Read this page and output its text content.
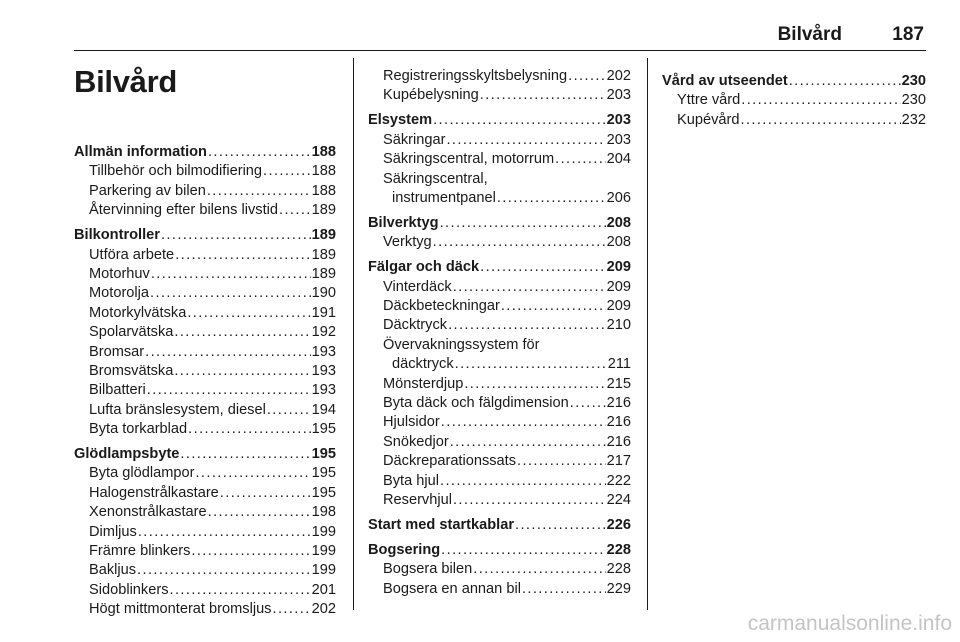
Bilvård	187
Bilvård
Allmän information .....	188
Tillbehör och bilmodifiering .....	188
Parkering av bilen .....	188
Återvinning efter bilens livstid ..... 189
Bilkontroller .....	189
Utföra arbete .....	189
Motorhuv .....	189
Motorolja .....	190
Motorkylvätska .....	191
Spolarvätska .....	192
Bromsar .....	193
Bromsvätska .....	193
Bilbatteri .....	193
Lufta bränslesystem, diesel .....	194
Byta torkarblad .....	195
Glödlampsbyte .....	195
Byta glödlampor .....	195
Halogenstrålkastare .....	195
Xenonstrålkastare .....	198
Dimljus .....	199
Främre blinkers .....	199
Bakljus .....	199
Sidoblinkers .....	201
Högt mittmonterat bromsljus .....	202
Registreringsskyltsbelysning .....	202
Kupébelysning .....	203
Elsystem .....	203
Säkringar .....	203
Säkringscentral, motorrum .....	204
Säkringscentral,
instrumentpanel .....	206
Bilverktyg .....	208
Verktyg .....	208
Fälgar och däck .....	209
Vinterdäck .....	209
Däckbeteckningar .....	209
Däcktryck .....	210
Övervakningssystem för
däcktryck .....	211
Mönsterdjup .....	215
Byta däck och fälgdimension .....	216
Hjulsidor .....	216
Snökedjor .....	216
Däckreparationssats .....	217
Byta hjul .....	222
Reservhjul .....	224
Start med startkablar .....	226
Bogsering .....	228
Bogsera bilen .....	228
Bogsera en annan bil .....	229
Vård av utseendet .....	230
Yttre vård .....	230
Kupévård .....	232
carmanualsonline.info
